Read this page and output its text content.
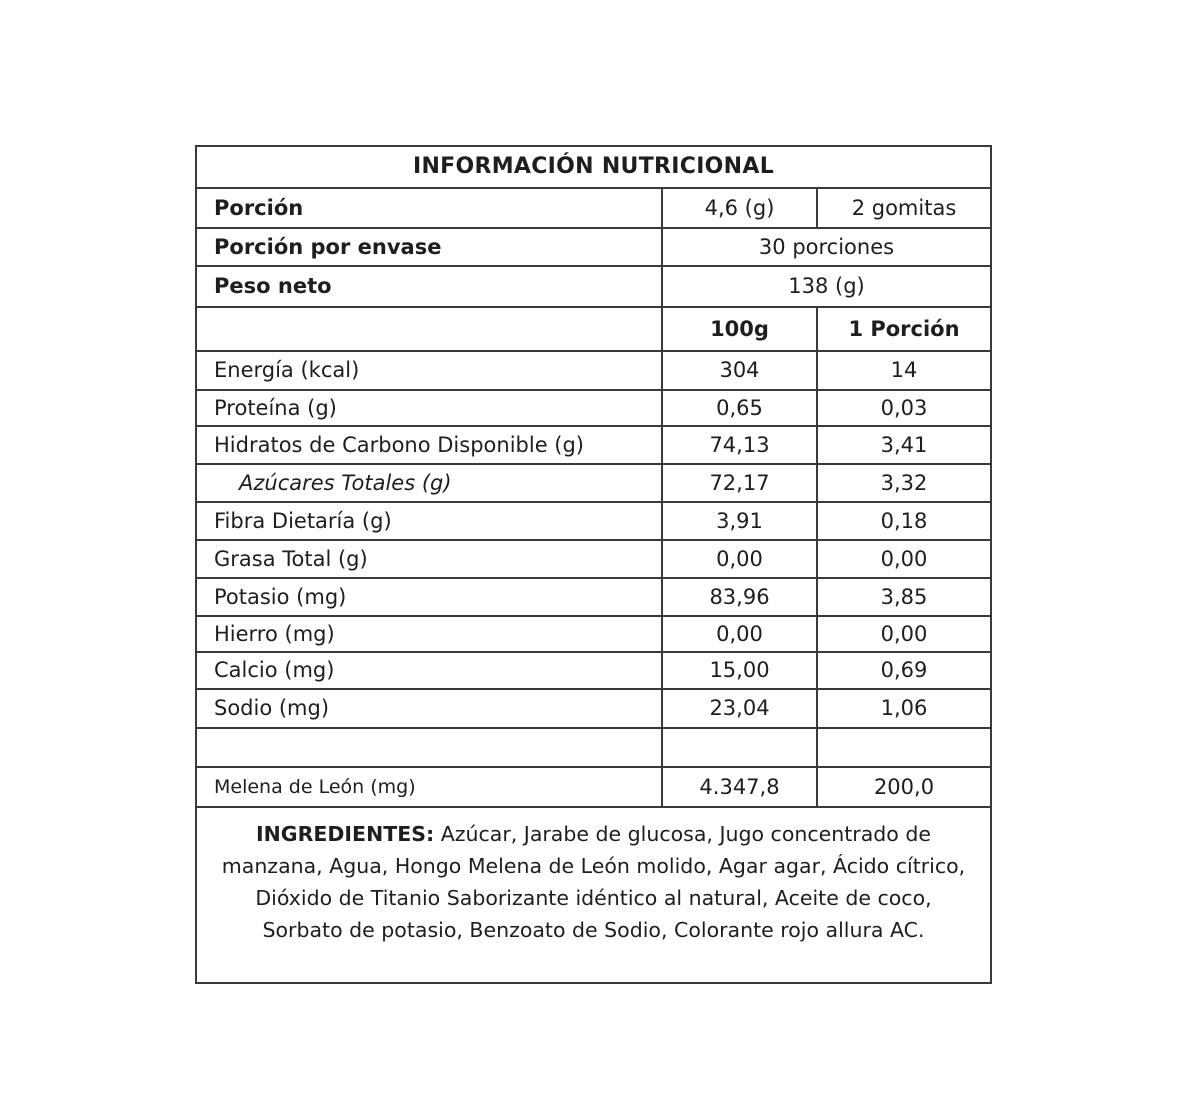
INFORMACIÓN NUTRICIONAL		
Porción	4,6 (g)	2 gomitas
Porción por envase	30 porciones	
Peso neto	138 (g)	
	100g	1 Porción
Energía (kcal)	304	14
Proteína (g)	0,65	0,03
Hidratos de Carbono Disponible (g)	74,13	3,41
Azúcares Totales (g)	72,17	3,32
Fibra Dietaría (g)	3,91	0,18
Grasa Total (g)	0,00	0,00
Potasio (mg)	83,96	3,85
Hierro (mg)	0,00	0,00
Calcio (mg)	15,00	0,69
Sodio (mg)	23,04	1,06

Melena de León (mg)	4.347,8	200,0
INGREDIENTES: Azúcar, Jarabe de glucosa, Jugo concentrado de manzana, Agua, Hongo Melena de León molido, Agar agar, Ácido cítrico, Dióxido de Titanio Saborizante idéntico al natural, Aceite de coco, Sorbato de potasio, Benzoato de Sodio, Colorante rojo allura AC.
